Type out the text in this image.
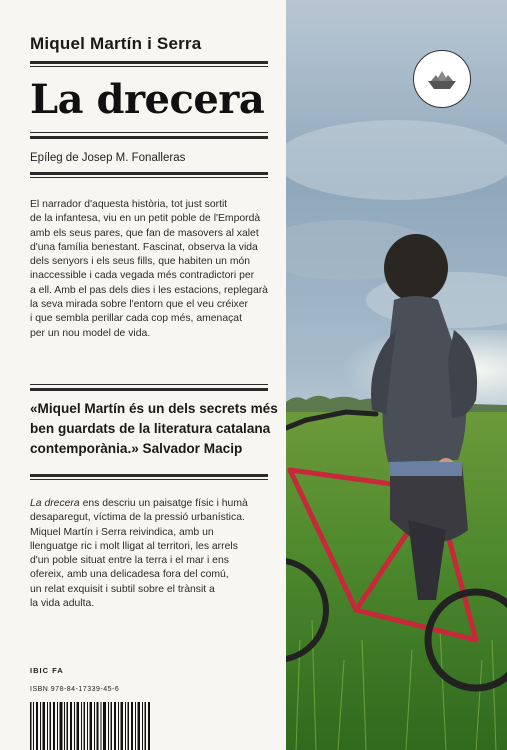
Miquel Martín i Serra
La drecera
Epíleg de Josep M. Fonalleras
El narrador d'aquesta història, tot just sortit
de la infantesa, viu en un petit poble de l'Empordà
amb els seus pares, que fan de masovers al xalet
d'una família benestant. Fascinat, observa la vida
dels senyors i els seus fills, que habiten un món
inaccessible i cada vegada més contradictori per
a ell. Amb el pas dels dies i les estacions, replegarà
la seva mirada sobre l'entorn que el veu créixer
i que sembla perillar cada cop més, amenaçat
per un nou model de vida.
«Miquel Martín és un dels secrets més
ben guardats de la literatura catalana
contemporània.» Salvador Macip
La drecera ens descriu un paisatge físic i humà
desaparegut, víctima de la pressió urbanística.
Miquel Martín i Serra reivindica, amb un
llenguatge ric i molt lligat al territori, les arrels
d'un poble situat entre la terra i el mar i ens
ofereix, amb una delicadesa fora del comú,
un relat exquisit i subtil sobre el trànsit a
la vida adulta.
IBIC FA
ISBN 978-84-17339-45-6
